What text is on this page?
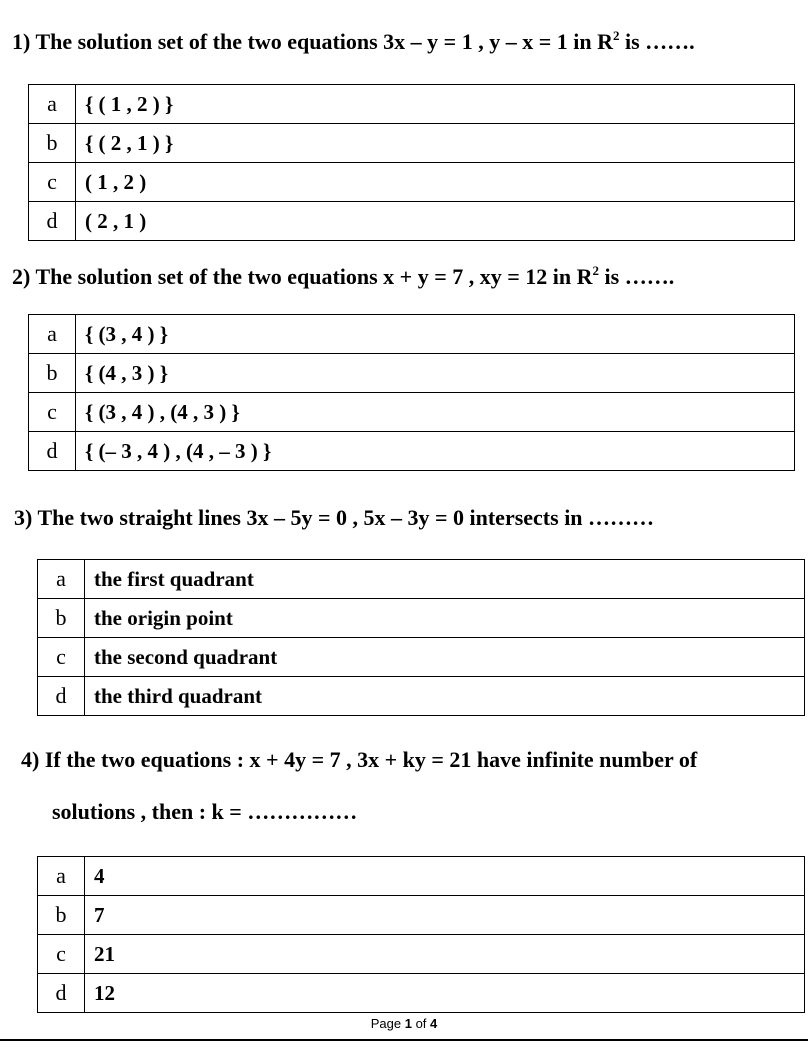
1) The solution set of the two equations 3x – y = 1 , y – x = 1 in $R^2$ is …….
a	{ ( 1 , 2 ) }
b	{ ( 2 , 1 ) }
c	( 1 , 2 )
d	( 2 , 1 )
2) The solution set of the two equations x + y = 7 , xy = 12 in $R^2$ is …….
a	{ (3 , 4 ) }
b	{ (4 , 3 ) }
c	{ (3 , 4 ) , (4 , 3 ) }
d	{ (– 3 , 4 ) , (4 , – 3 ) }
3) The two straight lines 3x – 5y = 0 , 5x – 3y = 0 intersects in ………
a	the first quadrant
b	the origin point
c	the second quadrant
d	the third quadrant
4) If the two equations : x + 4y = 7 , 3x + ky = 21 have infinite number of
solutions , then : k = ……………
a	4
b	7
c	21
d	12
Page 1 of 4
